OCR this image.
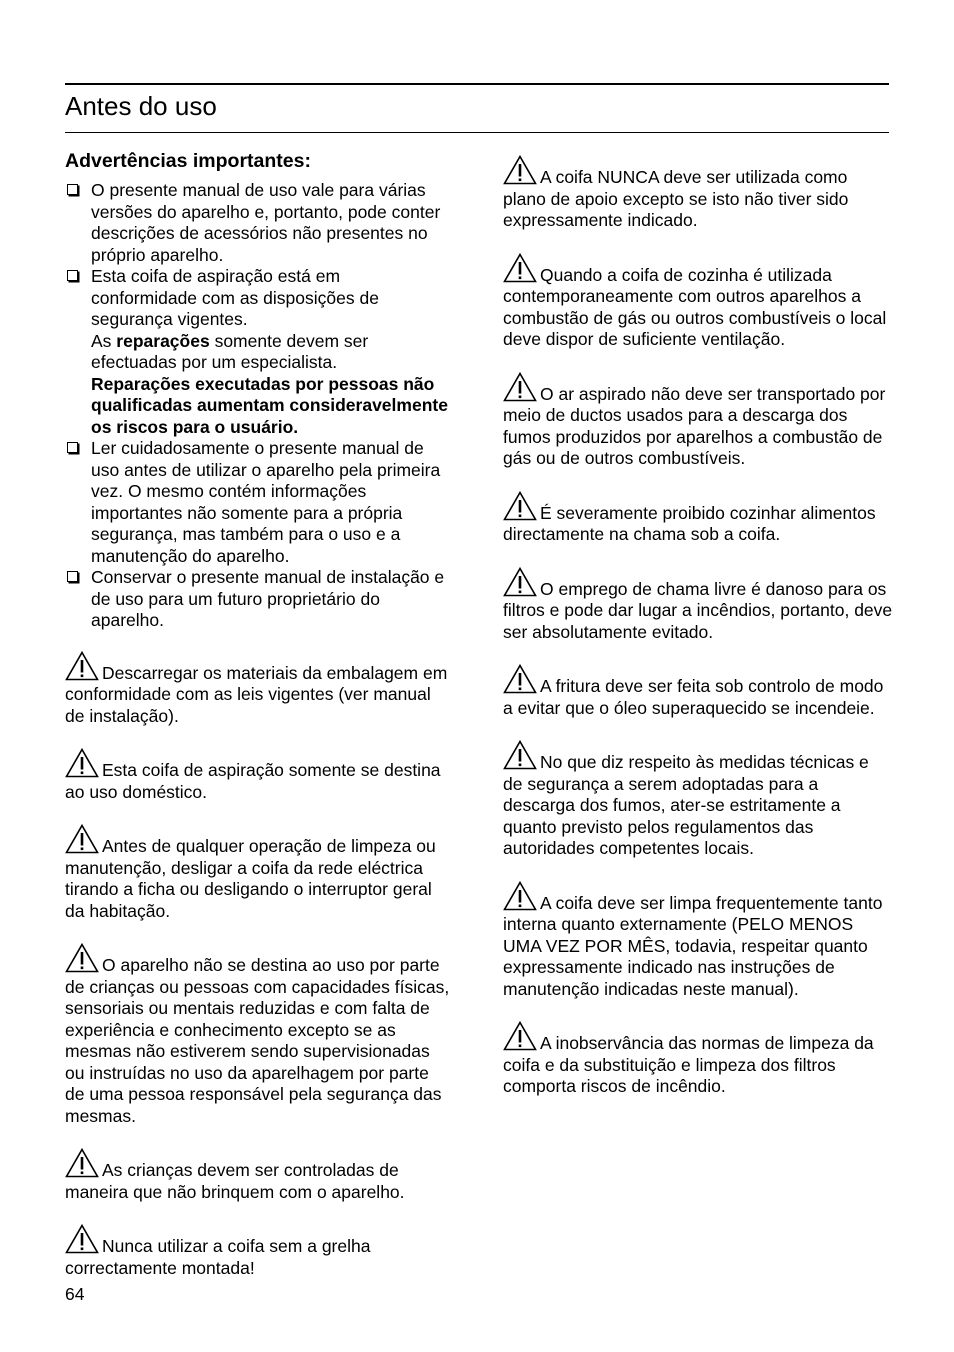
Antes do uso
Advertências importantes:
O presente manual de uso vale para várias versões do aparelho e, portanto, pode conter descrições de acessórios não presentes no próprio aparelho.
Esta coifa de aspiração está em conformidade com as disposições de segurança vigentes.
As reparações somente devem ser efectuadas por um especialista.
Reparações executadas por pessoas não qualificadas aumentam consideravelmente os riscos para o usuário.
Ler cuidadosamente o presente manual de uso antes de utilizar o aparelho pela primeira vez. O mesmo contém informações importantes não somente para a própria segurança, mas também para o uso e a manutenção do aparelho.
Conservar o presente manual de instalação e de uso para um futuro proprietário do aparelho.

Descarregar os materiais da embalagem em conformidade com as leis vigentes (ver manual de instalação).

Esta coifa de aspiração somente se destina ao uso doméstico.

Antes de qualquer operação de limpeza ou manutenção, desligar a coifa da rede eléctrica tirando a ficha ou desligando o interruptor geral da habitação.

O aparelho não se destina ao uso por parte de crianças ou pessoas com capacidades físicas, sensoriais ou mentais reduzidas e com falta de experiência e conhecimento excepto se as mesmas não estiverem sendo supervisionadas ou instruídas no uso da aparelhagem por parte de uma pessoa responsável pela segurança das mesmas.

As crianças devem ser controladas de maneira que não brinquem com o aparelho.

Nunca utilizar a coifa sem a grelha correctamente montada!

A coifa NUNCA deve ser utilizada como plano de apoio excepto se isto não tiver sido expressamente indicado.

Quando a coifa de cozinha é utilizada contemporaneamente com outros aparelhos a combustão de gás ou outros combustíveis o local deve dispor de suficiente ventilação.

O ar aspirado não deve ser transportado por meio de ductos usados para a descarga dos fumos produzidos por aparelhos a combustão de gás ou de outros combustíveis.

É severamente proibido cozinhar alimentos directamente na chama sob a coifa.

O emprego de chama livre é danoso para os filtros e pode dar lugar a incêndios, portanto, deve ser absolutamente evitado.

A fritura deve ser feita sob controlo de modo a evitar que o óleo superaquecido se incendeie.

No que diz respeito às medidas técnicas e de segurança a serem adoptadas para a descarga dos fumos, ater-se estritamente a quanto previsto pelos regulamentos das autoridades competentes locais.

A coifa deve ser limpa frequentemente tanto interna quanto externamente (PELO MENOS UMA VEZ POR MÊS, todavia, respeitar quanto expressamente indicado nas instruções de manutenção indicadas neste manual).

A inobservância das normas de limpeza da coifa e da substituição e limpeza dos filtros comporta riscos de incêndio.

64
